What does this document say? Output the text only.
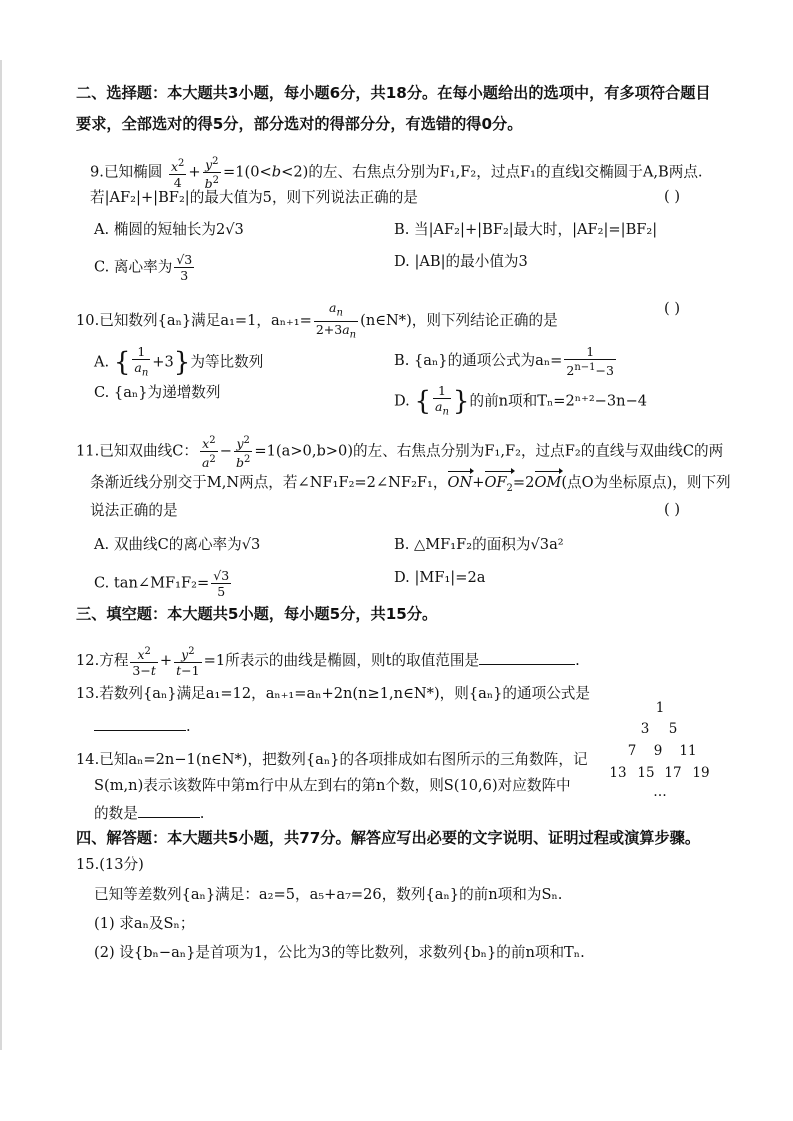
二、选择题：本大题共3小题，每小题6分，共18分。在每小题给出的选项中，有多项符合题目
要求，全部选对的得5分，部分选对的得部分分，有选错的得0分。
9.已知椭圆 $\frac{x^2}{4} + \frac{y^2}{b^2} =1(0<b<2)$的左、右焦点分别为F₁,F₂，过点F₁的直线l交椭圆于A,B两点.
若|AF₂|+|BF₂|的最大值为5，则下列说法正确的是	( )
A. 椭圆的短轴长为2√3	B. 当|AF₂|+|BF₂|最大时，|AF₂|=|BF₂|
C. 离心率为 $\frac{√3}{3}$	D. |AB|的最小值为3
10.已知数列{aₙ}满足a₁=1，$a_{n+1}= \frac{a_n}{2+3a_n}$ (n∈N*)，则下列结论正确的是
( )
A. { $\frac{1}{a_n} +3$}为等比数列	B. {aₙ}的通项公式为$a_n= \frac{1}{2^{n-1}-3}$
C. {aₙ}为递增数列	D. { $\frac{1}{a_n}$ }的前n项和Tₙ=2ⁿ⁺²−3n−4
11.已知双曲线C： $\frac{x^2}{a^2} - \frac{y^2}{b^2} =1(a>0,b>0)$的左、右焦点分别为F₁,F₂，过点F₂的直线与双曲线C的两
条渐近线分别交于M,N两点，若∠NF₁F₂=2∠NF₂F₁，$ON+OF_2=2OM$(点O为坐标原点)，则下列
说法正确的是	( )
A. 双曲线C的离心率为√3	B. △MF₁F₂的面积为√3a²
C. tan∠MF₁F₂= $\frac{√3}{5}$	D. |MF₁|=2a
三、填空题：本大题共5小题，每小题5分，共15分。
12.方程 $\frac{x^2}{3-t} + \frac{y^2}{t-1} =1$所表示的曲线是椭圆，则t的取值范围是	.
13.若数列{aₙ}满足a₁=12，aₙ₊₁=aₙ+2n(n≥1,n∈N*)，则{aₙ}的通项公式是
.
14.已知aₙ=2n−1(n∈N*)，把数列{aₙ}的各项排成如右图所示的三角数阵，记
S(m,n)表示该数阵中第m行中从左到右的第n个数，则S(10,6)对应数阵中
的数是	.
1
3	5
7	9	11
13 15 17 19
…
四、解答题：本大题共5小题，共77分。解答应写出必要的文字说明、证明过程或演算步骤。
15.(13分)
已知等差数列{aₙ}满足：a₂=5，a₅+a₇=26，数列{aₙ}的前n项和为Sₙ.
(1) 求aₙ及Sₙ；
(2) 设{bₙ−aₙ}是首项为1，公比为3的等比数列，求数列{bₙ}的前n项和Tₙ.
